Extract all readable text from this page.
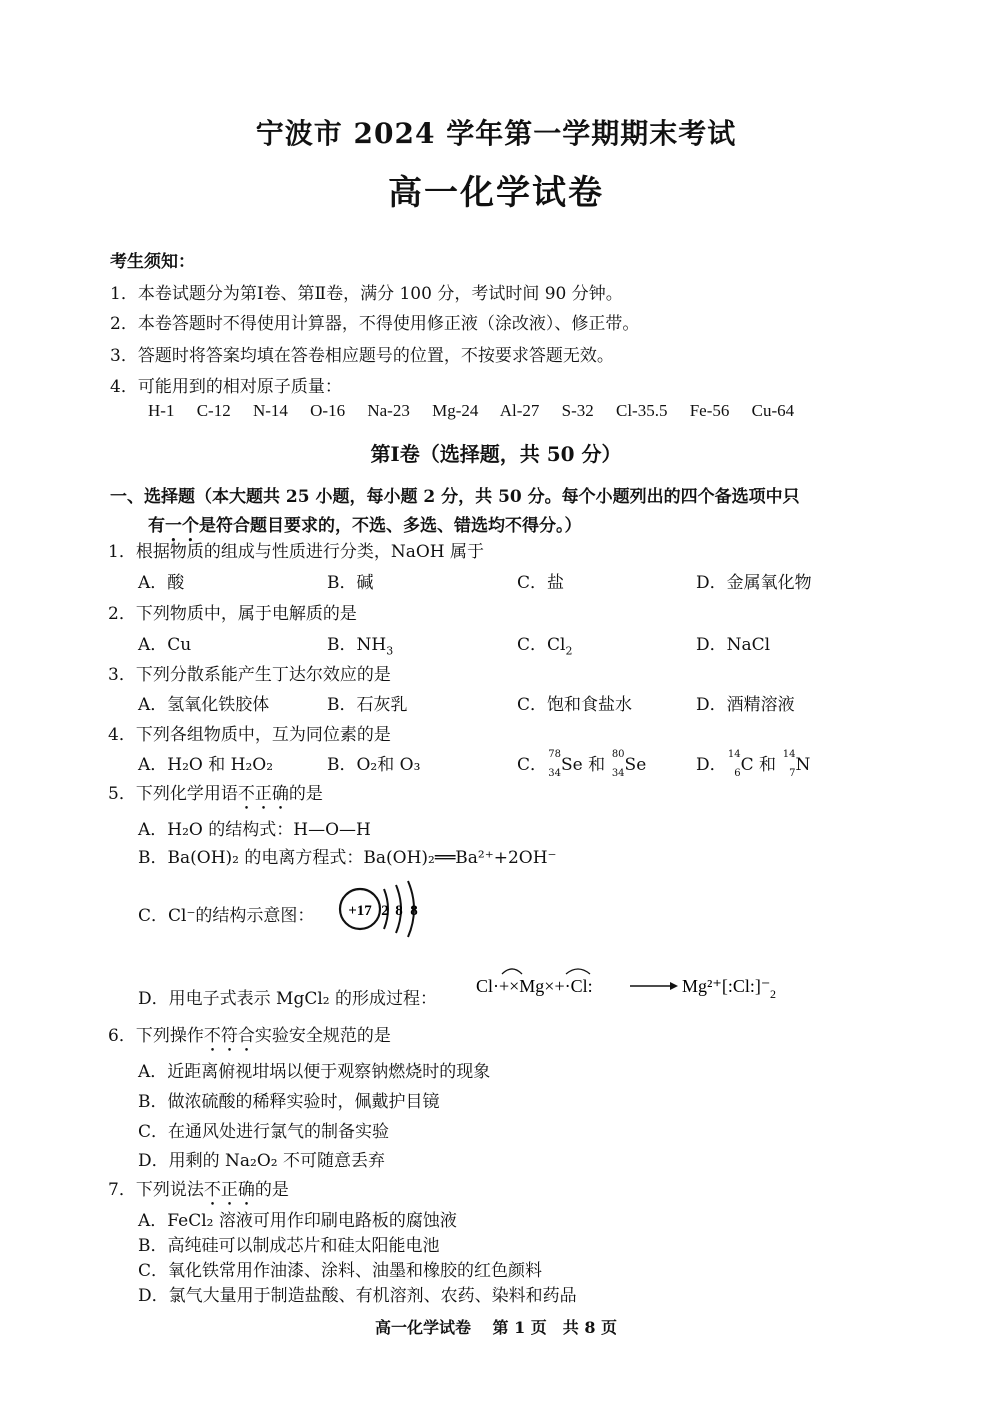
宁波市 2024 学年第一学期期末考试
高一化学试卷
考生须知：
1．本卷试题分为第Ⅰ卷、第Ⅱ卷，满分 100 分，考试时间 90 分钟。
2．本卷答题时不得使用计算器，不得使用修正液（涂改液）、修正带。
3．答题时将答案均填在答卷相应题号的位置，不按要求答题无效。
4．可能用到的相对原子质量：
H-1 C-12 N-14 O-16 Na-23 Mg-24 Al-27 S-32 Cl-35.5 Fe-56 Cu-64
第Ⅰ卷（选择题，共 50 分）
一、选择题（本大题共 25 小题，每小题 2 分，共 50 分。每个小题列出的四个备选项中只
有一个是符合题目要求的，不选、多选、错选均不得分。）
1．根据物质的组成与性质进行分类，NaOH 属于
A．酸	B．碱	C．盐	D．金属氧化物
2．下列物质中，属于电解质的是
A．Cu	B．$NH_3$	C．$Cl_2$	D．NaCl
3．下列分散系能产生丁达尔效应的是
A．氢氧化铁胶体	B．石灰乳	C．饱和食盐水	D．酒精溶液
4．下列各组物质中，互为同位素的是
A．H₂O 和 H₂O₂	B．O₂和 O₃	C．
78
34 Se 和
80
34 Se	D．
14
6 C 和
14
7 N
5．下列化学用语不正确的是
A．H₂O 的结构式：H—O—H
B．Ba(OH)₂ 的电离方程式：Ba(OH)₂══Ba²⁺+2OH⁻
C．Cl⁻的结构示意图： +17 2 8 8
D．用电子式表示 MgCl₂ 的形成过程：
Cl·+×Mg×+·Cl:	Mg²⁺[:Cl:]⁻ 2
6．下列操作不符合实验安全规范的是
A．近距离俯视坩埚以便于观察钠燃烧时的现象
B．做浓硫酸的稀释实验时，佩戴护目镜
C．在通风处进行氯气的制备实验
D．用剩的 Na₂O₂ 不可随意丢弃
7．下列说法不正确的是
A．FeCl₂ 溶液可用作印刷电路板的腐蚀液
B．高纯硅可以制成芯片和硅太阳能电池
C．氧化铁常用作油漆、涂料、油墨和橡胶的红色颜料
D．氯气大量用于制造盐酸、有机溶剂、农药、染料和药品
高一化学试卷　 第 1 页　共 8 页
